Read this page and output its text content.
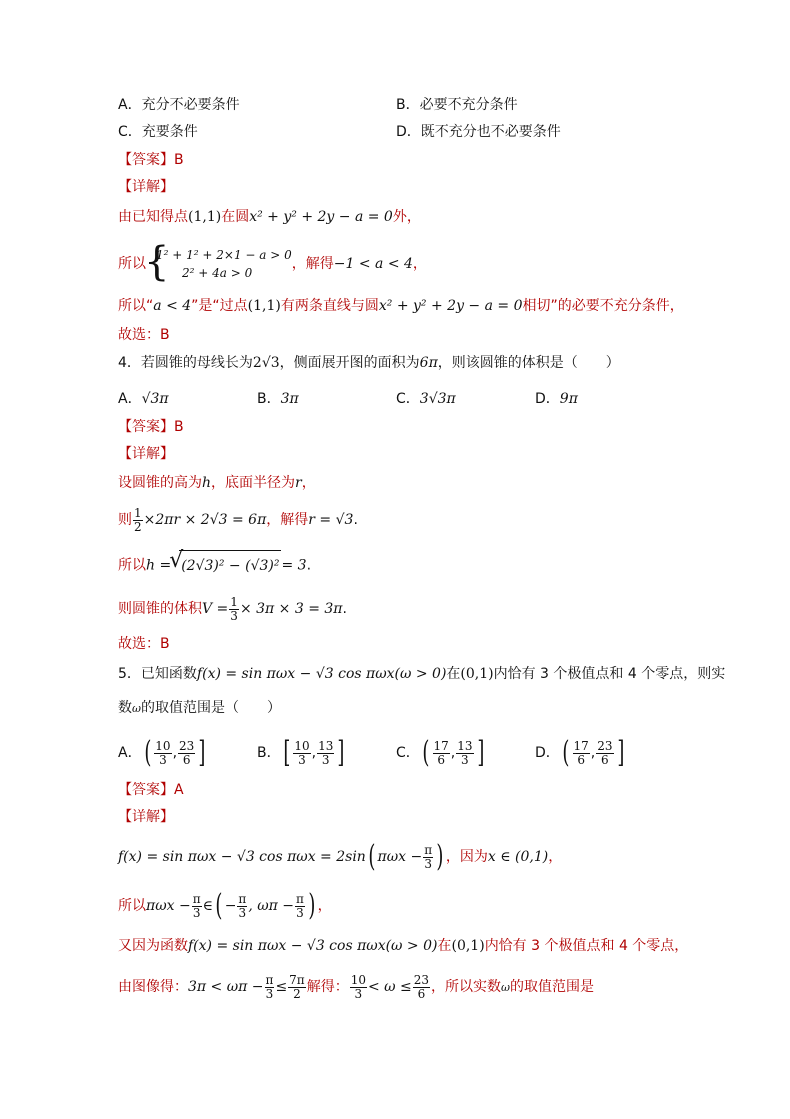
A．充分不必要条件	B．必要不充分条件
C．充要条件	D．既不充分也不必要条件
【答案】B
【详解】
由已知得点(1,1)在圆x² + y² + 2y − a = 0外，
所以
{
1² + 1² + 2×1 − a > 0
2² + 4a > 0
，解得−1 < a < 4，
所以“a < 4”是“过点(1,1)有两条直线与圆x² + y² + 2y − a = 0相切”的必要不充分条件，
故选：B
4．若圆锥的母线长为2√3，侧面展开图的面积为6π，则该圆锥的体积是（　　）
A．√3π	B．3π	C．3√3π	D．9π
【答案】B
【详解】
设圆锥的高为h，底面半径为r，
则 $\frac{1}{2} \times 2\pi r \times 2√3 = 6\pi$，解得r = √3.
所以h =
√
(2√3)² − (√3)² = 3.
则圆锥的体积$V = \frac{1}{3} \times 3\pi \times 3 = 3\pi$.
故选：B
5．已知函数f(x) = sin πωx − √3 cos πωx(ω > 0)在(0,1)内恰有 3 个极值点和 4 个零点，则实
数ω的取值范围是（　　）
A．( $\frac{10}{3}$ , $\frac{23}{6}$ ]	B．[ $\frac{10}{3}$ , $\frac{13}{3}$ ]	C．( $\frac{17}{6}$ , $\frac{13}{3}$ ]	D．( $\frac{17}{6}$ , $\frac{23}{6}$ ]
【答案】A
【详解】
f(x) = sin πωx − √3 cos πωx = 2sin( $\pi\omega x - \frac{\pi}{3}$ ) ，因为x ∈ (0,1)，
所以$\pi\omega x - \frac{\pi}{3}$ ∈( − $\frac{\pi}{3}$ , $\omega\pi - \frac{\pi}{3}$ ) ，
又因为函数f(x) = sin πωx − √3 cos πωx(ω > 0)在(0,1)内恰有 3 个极值点和 4 个零点，
由图像得：$3\pi < \omega\pi - \frac{\pi}{3} \le \frac{7\pi}{2}$ 解得： $\frac{10}{3} < \omega \le \frac{23}{6}$ ，所以实数ω的取值范围是
